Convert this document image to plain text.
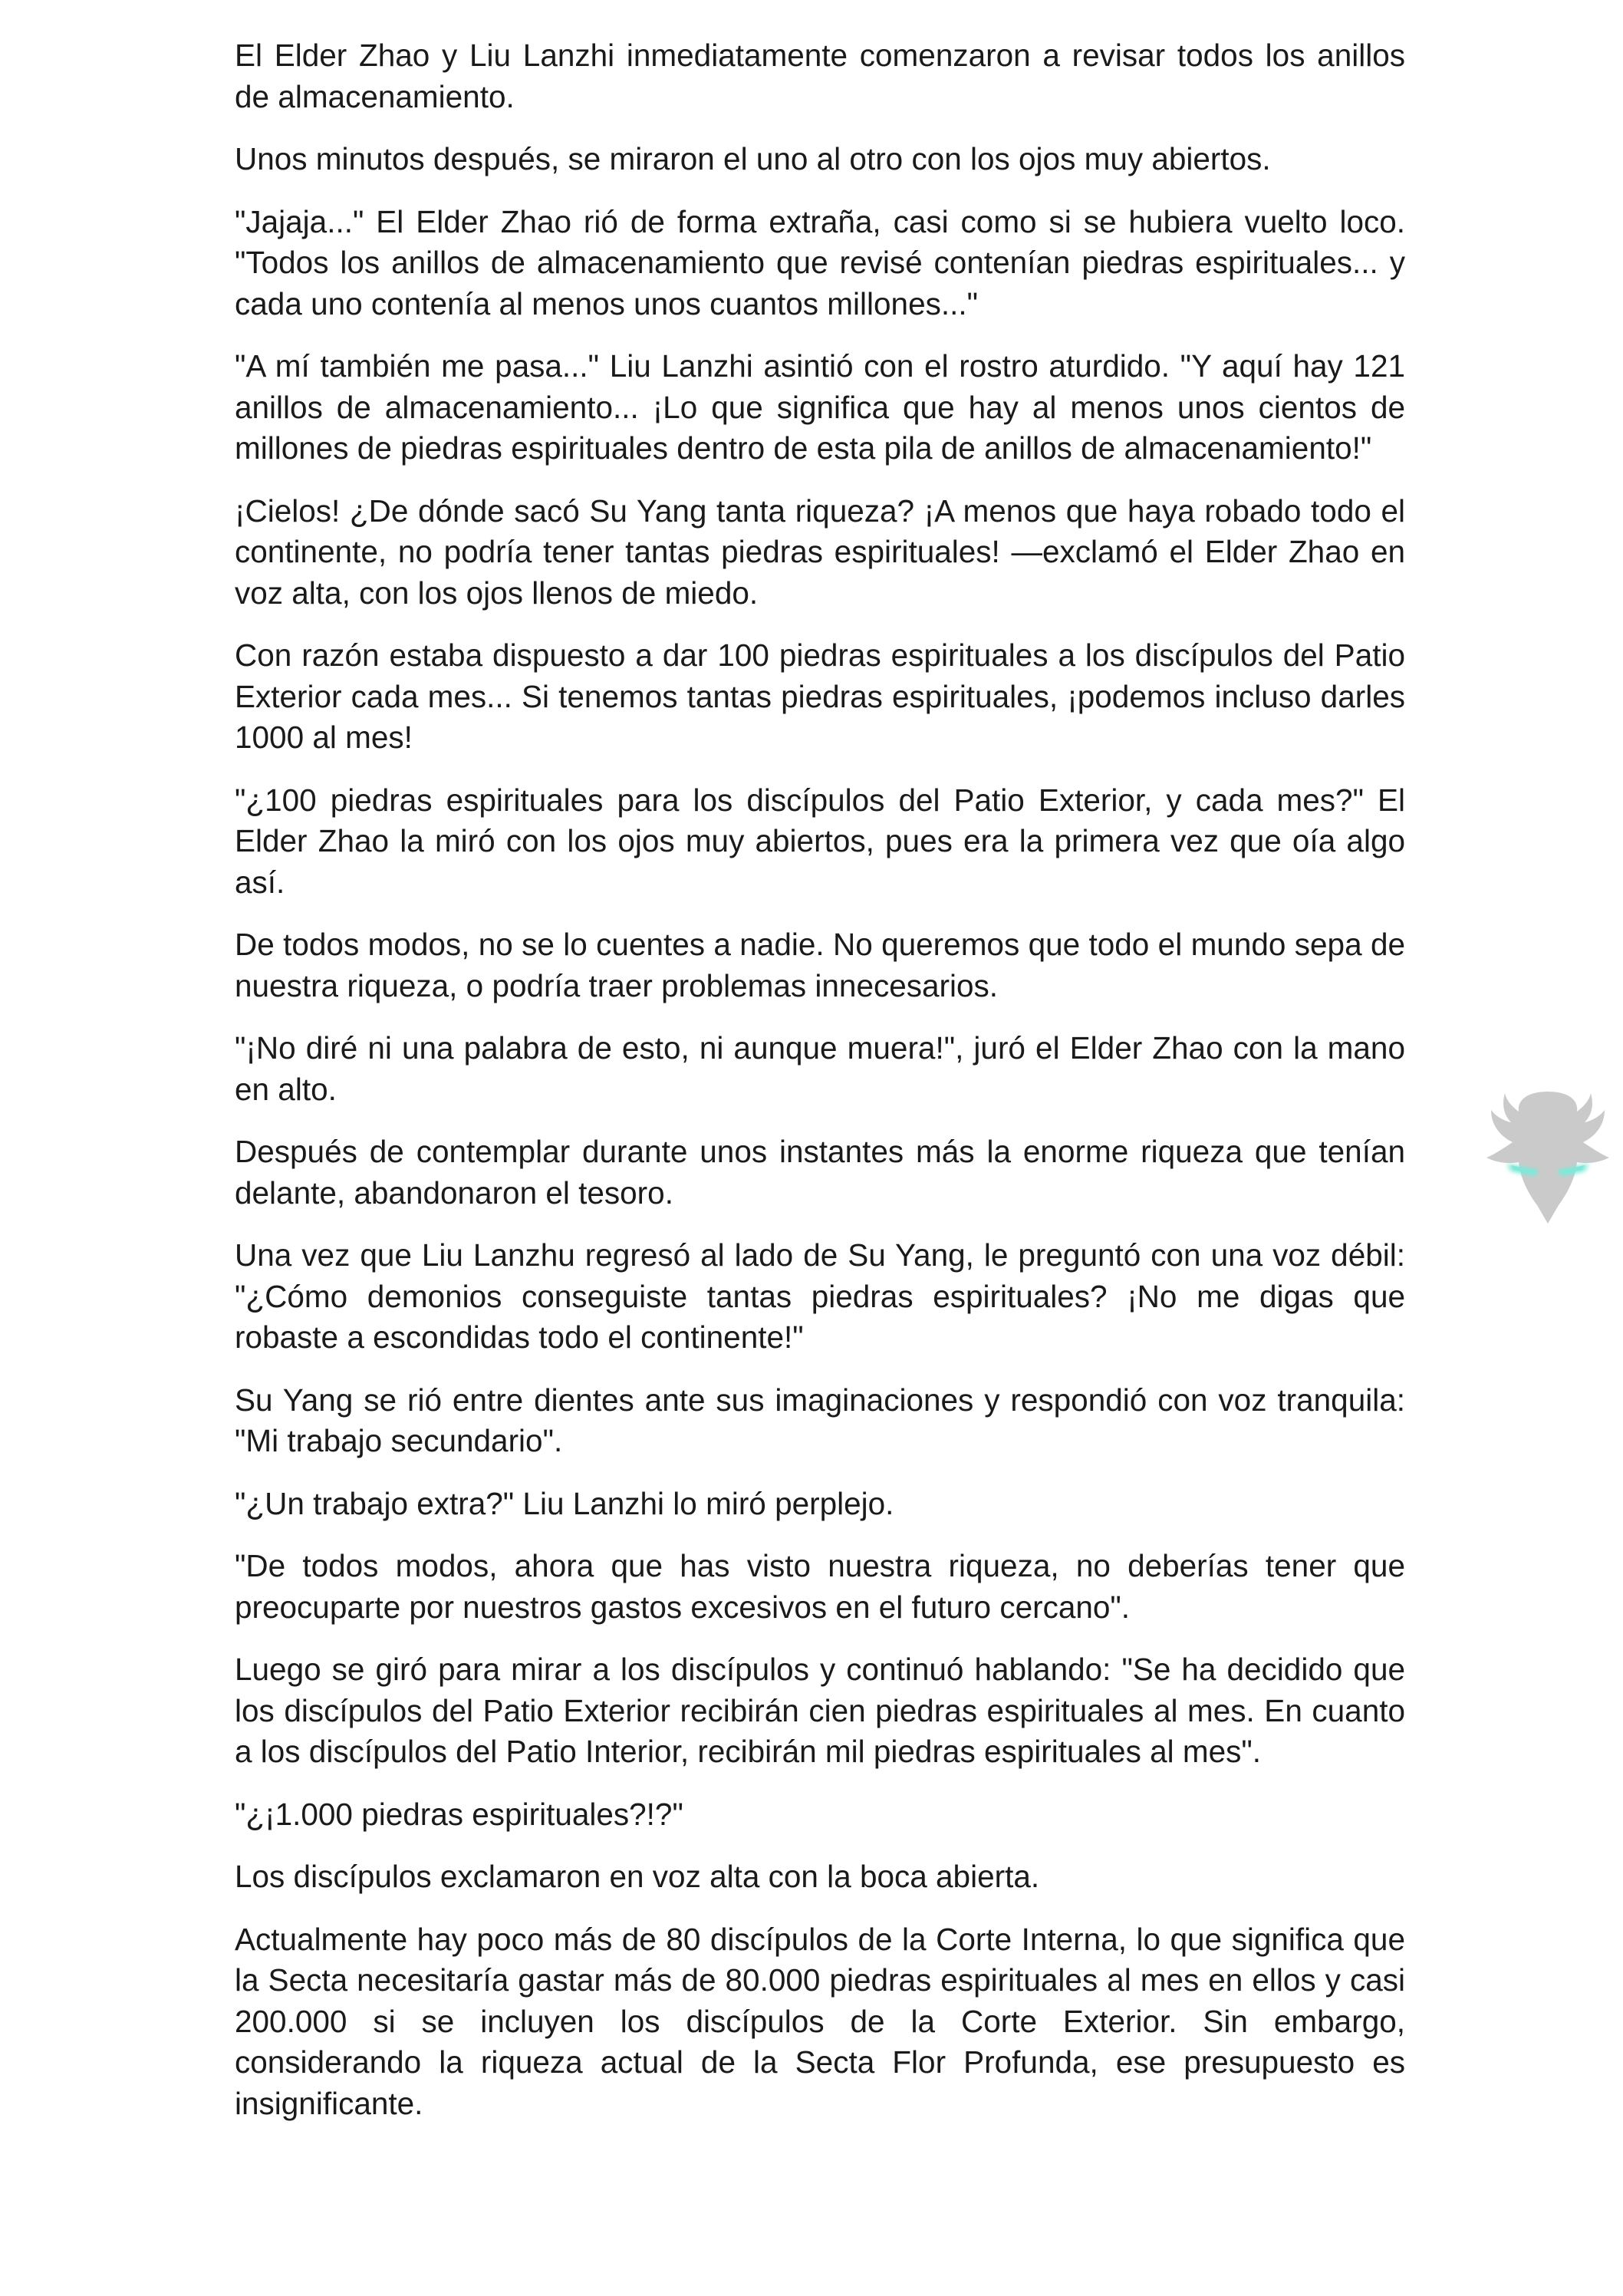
El Elder Zhao y Liu Lanzhi inmediatamente comenzaron a revisar todos los anillos de almacenamiento.

Unos minutos después, se miraron el uno al otro con los ojos muy abiertos.

"Jajaja..." El Elder Zhao rió de forma extraña, casi como si se hubiera vuelto loco. "Todos los anillos de almacenamiento que revisé contenían piedras espirituales... y cada uno contenía al menos unos cuantos millones..."

"A mí también me pasa..." Liu Lanzhi asintió con el rostro aturdido. "Y aquí hay 121 anillos de almacenamiento... ¡Lo que significa que hay al menos unos cientos de millones de piedras espirituales dentro de esta pila de anillos de almacenamiento!"

¡Cielos! ¿De dónde sacó Su Yang tanta riqueza? ¡A menos que haya robado todo el continente, no podría tener tantas piedras espirituales! —exclamó el Elder Zhao en voz alta, con los ojos llenos de miedo.

Con razón estaba dispuesto a dar 100 piedras espirituales a los discípulos del Patio Exterior cada mes... Si tenemos tantas piedras espirituales, ¡podemos incluso darles 1000 al mes!

"¿100 piedras espirituales para los discípulos del Patio Exterior, y cada mes?" El Elder Zhao la miró con los ojos muy abiertos, pues era la primera vez que oía algo así.

De todos modos, no se lo cuentes a nadie. No queremos que todo el mundo sepa de nuestra riqueza, o podría traer problemas innecesarios.

"¡No diré ni una palabra de esto, ni aunque muera!", juró el Elder Zhao con la mano en alto.

Después de contemplar durante unos instantes más la enorme riqueza que tenían delante, abandonaron el tesoro.

Una vez que Liu Lanzhu regresó al lado de Su Yang, le preguntó con una voz débil: "¿Cómo demonios conseguiste tantas piedras espirituales? ¡No me digas que robaste a escondidas todo el continente!"

Su Yang se rió entre dientes ante sus imaginaciones y respondió con voz tranquila: "Mi trabajo secundario".

"¿Un trabajo extra?" Liu Lanzhi lo miró perplejo.

"De todos modos, ahora que has visto nuestra riqueza, no deberías tener que preocuparte por nuestros gastos excesivos en el futuro cercano".

Luego se giró para mirar a los discípulos y continuó hablando: "Se ha decidido que los discípulos del Patio Exterior recibirán cien piedras espirituales al mes. En cuanto a los discípulos del Patio Interior, recibirán mil piedras espirituales al mes".

"¿¡1.000 piedras espirituales?!?"

Los discípulos exclamaron en voz alta con la boca abierta.

Actualmente hay poco más de 80 discípulos de la Corte Interna, lo que significa que la Secta necesitaría gastar más de 80.000 piedras espirituales al mes en ellos y casi 200.000 si se incluyen los discípulos de la Corte Exterior. Sin embargo, considerando la riqueza actual de la Secta Flor Profunda, ese presupuesto es insignificante.
